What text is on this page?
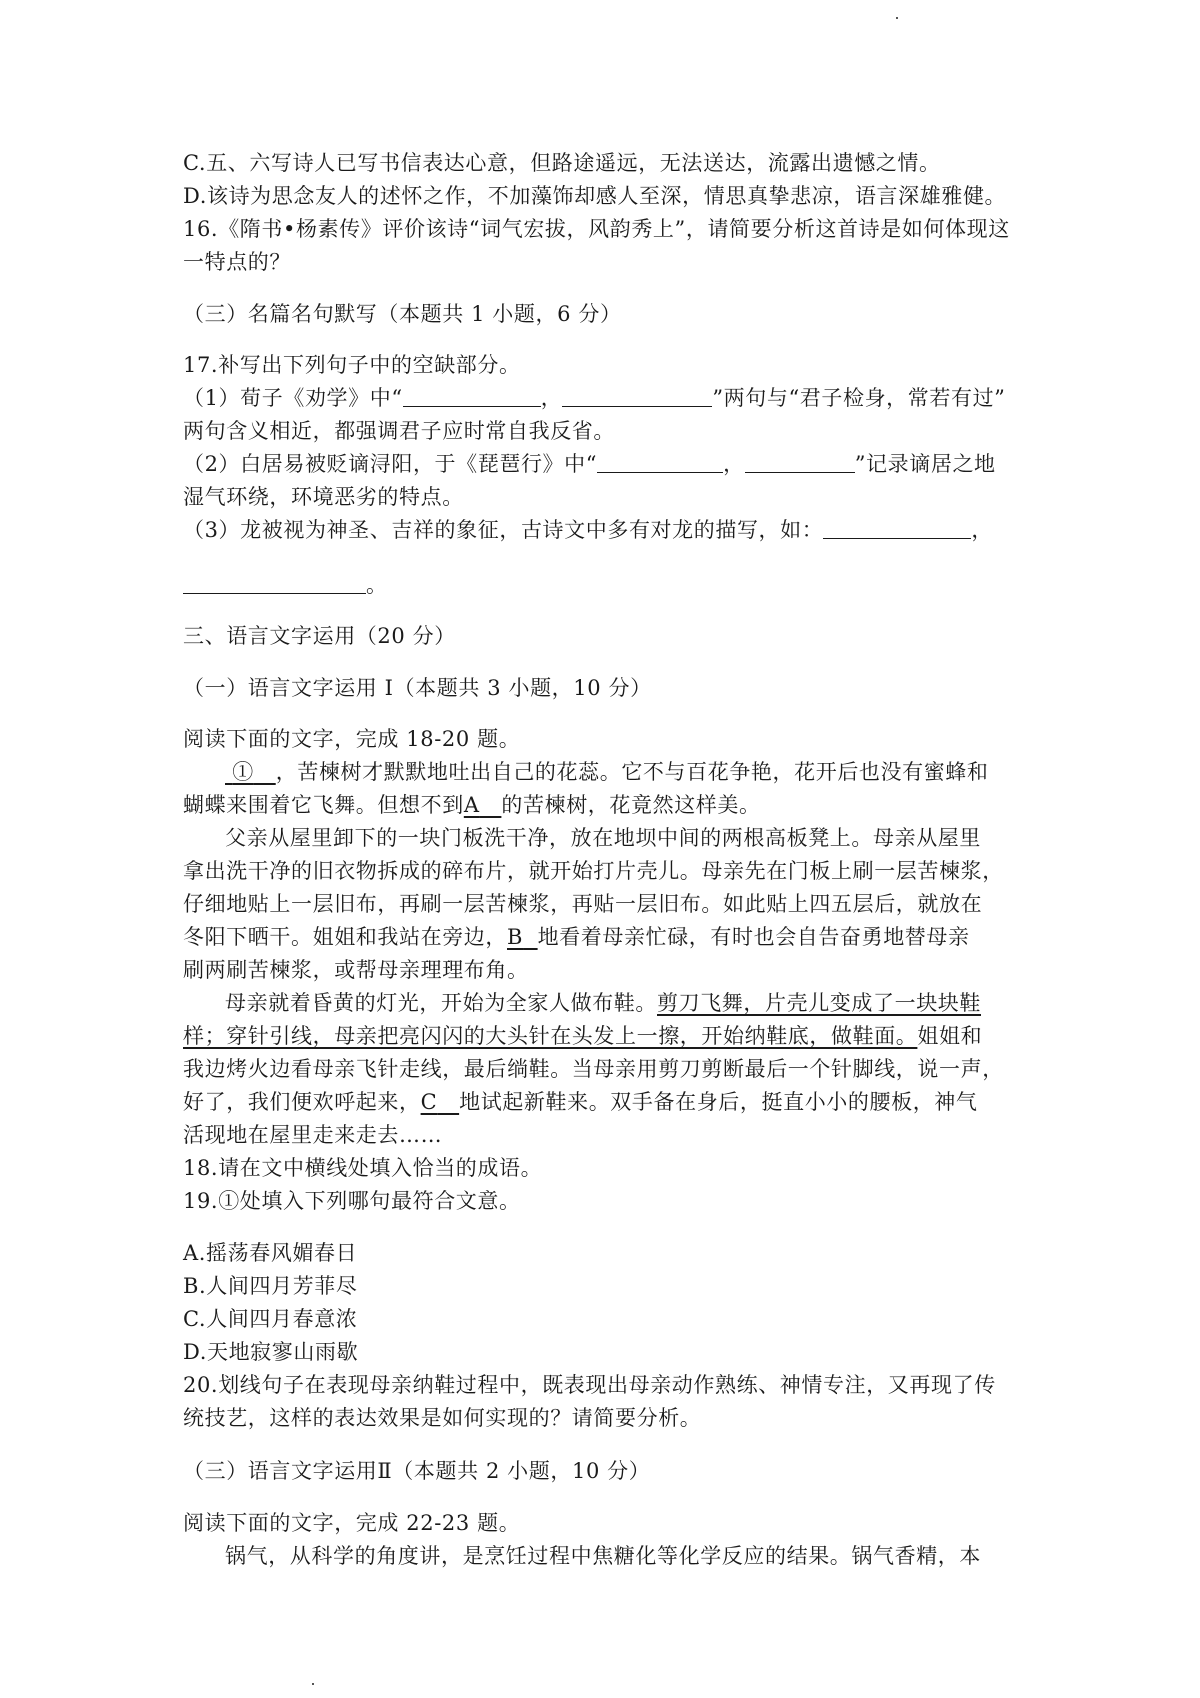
C.五、六写诗人已写书信表达心意，但路途遥远，无法送达，流露出遗憾之情。
D.该诗为思念友人的述怀之作，不加藻饰却感人至深，情思真挚悲凉，语言深雄雅健。
16.《隋书•杨素传》评价该诗“词气宏拔，风韵秀上”，请简要分析这首诗是如何体现这
一特点的？
（三）名篇名句默写（本题共 1 小题，6 分）
17.补写出下列句子中的空缺部分。
（1）荀子《劝学》中“	，	”两句与“君子检身，常若有过”
两句含义相近，都强调君子应时常自我反省。
（2）白居易被贬谪浔阳，于《琵琶行》中“	，	”记录谪居之地
湿气环绕，环境恶劣的特点。
（3）龙被视为神圣、吉祥的象征，古诗文中多有对龙的描写，如：	，
。
三、语言文字运用（20 分）
（一）语言文字运用 I（本题共 3 小题，10 分）
阅读下面的文字，完成 18-20 题。
① ，苦楝树才默默地吐出自己的花蕊。它不与百花争艳，花开后也没有蜜蜂和
蝴蝶来围着它飞舞。但想不到A 的苦楝树，花竟然这样美。
父亲从屋里卸下的一块门板洗干净，放在地坝中间的两根高板凳上。母亲从屋里
拿出洗干净的旧衣物拆成的碎布片，就开始打片壳儿。母亲先在门板上刷一层苦楝浆，
仔细地贴上一层旧布，再刷一层苦楝浆，再贴一层旧布。如此贴上四五层后，就放在
冬阳下晒干。姐姐和我站在旁边，B 地看着母亲忙碌，有时也会自告奋勇地替母亲
刷两刷苦楝浆，或帮母亲理理布角。
母亲就着昏黄的灯光，开始为全家人做布鞋。剪刀飞舞，片壳儿变成了一块块鞋
样；穿针引线，母亲把亮闪闪的大头针在头发上一擦，开始纳鞋底，做鞋面。姐姐和
我边烤火边看母亲飞针走线，最后绱鞋。当母亲用剪刀剪断最后一个针脚线，说一声，
好了，我们便欢呼起来，C 地试起新鞋来。双手备在身后，挺直小小的腰板，神气
活现地在屋里走来走去……
18.请在文中横线处填入恰当的成语。
19.①处填入下列哪句最符合文意。
A.摇荡春风媚春日
B.人间四月芳菲尽
C.人间四月春意浓
D.天地寂寥山雨歇
20.划线句子在表现母亲纳鞋过程中，既表现出母亲动作熟练、神情专注，又再现了传
统技艺，这样的表达效果是如何实现的？请简要分析。
（三）语言文字运用Ⅱ（本题共 2 小题，10 分）
阅读下面的文字，完成 22-23 题。
锅气，从科学的角度讲，是烹饪过程中焦糖化等化学反应的结果。锅气香精，本
